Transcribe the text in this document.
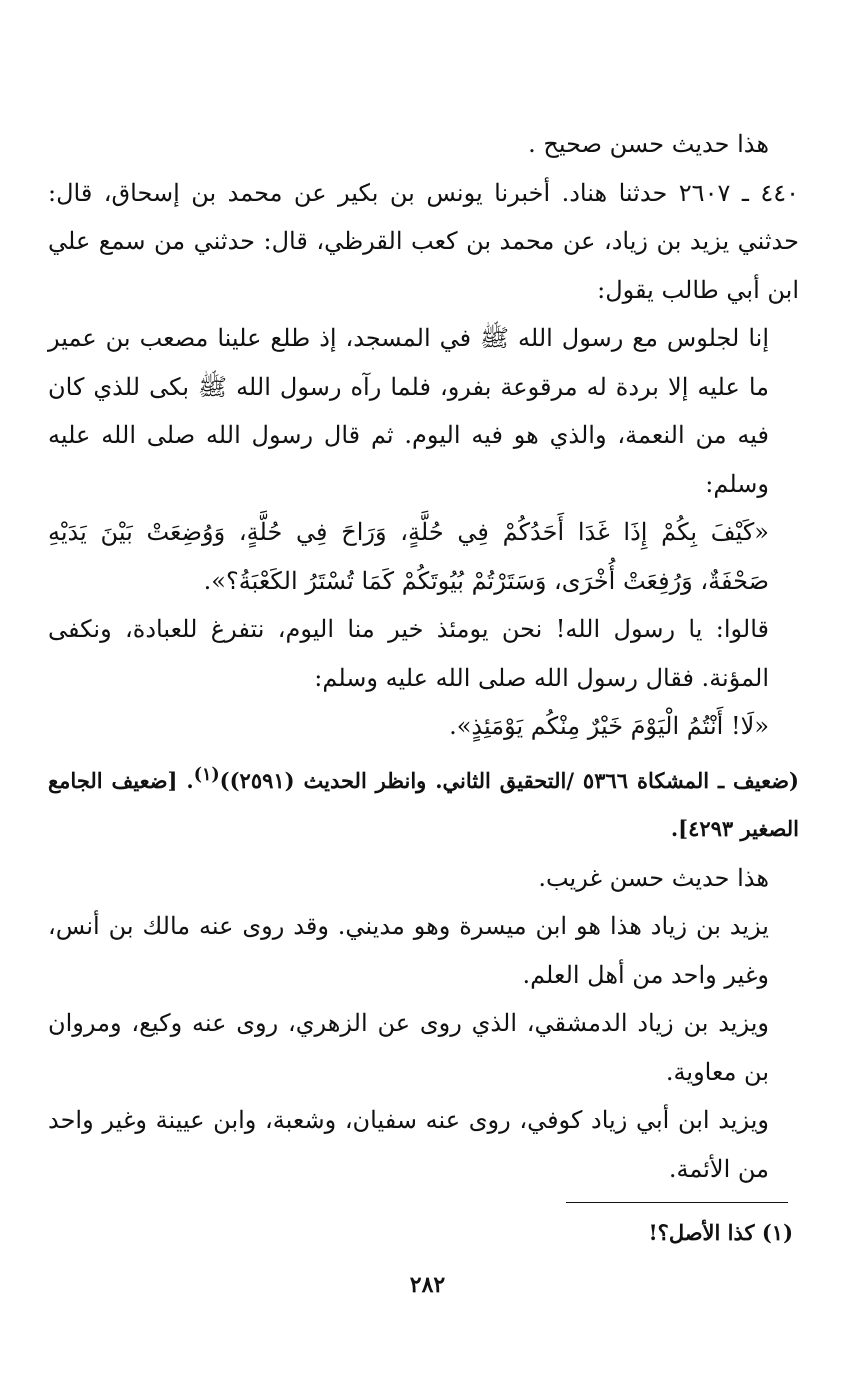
هذا حديث حسن صحيح .

٤٤٠ ـ ٢٦٠٧ حدثنا هناد. أخبرنا يونس بن بكير عن محمد بن إسحاق، قال: حدثني يزيد بن زياد، عن محمد بن كعب القرظي، قال: حدثني من سمع علي ابن أبي طالب يقول:

إنا لجلوس مع رسول الله ﷺ في المسجد، إذ طلع علينا مصعب بن عمير ما عليه إلا بردة له مرقوعة بفرو، فلما رآه رسول الله ﷺ بكى للذي كان فيه من النعمة، والذي هو فيه اليوم. ثم قال رسول الله صلى الله عليه وسلم:

«كَيْفَ بِكُمْ إِذَا غَدَا أَحَدُكُمْ فِي حُلَّةٍ، وَرَاحَ فِي حُلَّةٍ، وَوُضِعَتْ بَيْنَ يَدَيْهِ صَحْفَةٌ، وَرُفِعَتْ أُخْرَى، وَسَتَرْتُمْ بُيُوتَكُمْ كَمَا تُسْتَرُ الكَعْبَةُ؟».

قالوا: يا رسول الله! نحن يومئذ خير منا اليوم، نتفرغ للعبادة، ونكفى المؤنة. فقال رسول الله صلى الله عليه وسلم:

«لَا! أَنْتُمُ الْيَوْمَ خَيْرٌ مِنْكُم يَوْمَئِذٍ».

(ضعيف ـ المشكاة ٥٣٦٦ /التحقيق الثاني. وانظر الحديث (٢٥٩١))$^{(١)}$. [ضعيف الجامع الصغير ٤٢٩٣].

هذا حديث حسن غريب.

يزيد بن زياد هذا هو ابن ميسرة وهو مديني. وقد روى عنه مالك بن أنس، وغير واحد من أهل العلم.

ويزيد بن زياد الدمشقي، الذي روى عن الزهري، روى عنه وكيع، ومروان بن معاوية.

ويزيد ابن أبي زياد كوفي، روى عنه سفيان، وشعبة، وابن عيينة وغير واحد من الأئمة.

(١) كذا الأصل؟!
٢٨٢
